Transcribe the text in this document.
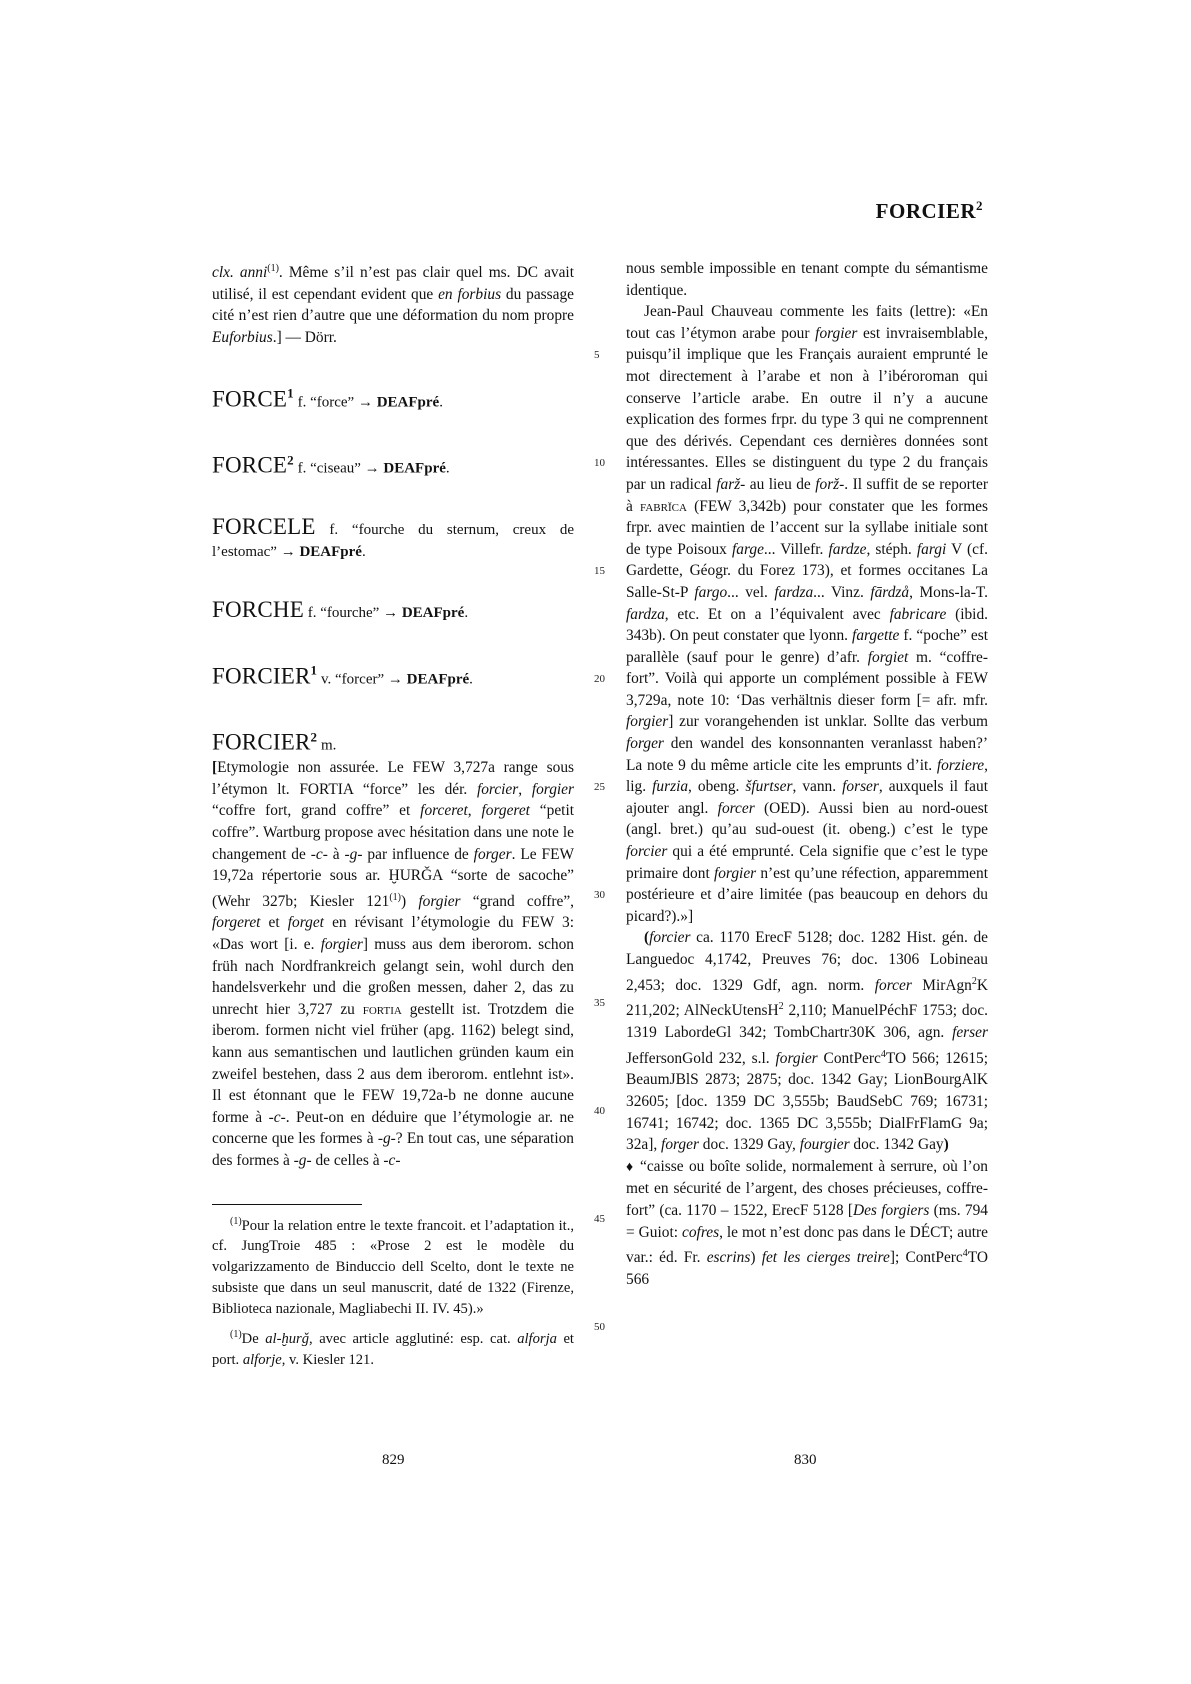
FORCIER$^2$

clx. anni$^{(1)}$. Même s’il n’est pas clair quel ms. DC avait utilisé, il est cependant evident que en forbius du passage cité n’est rien d’autre que une déformation du nom propre Euforbius.] — Dörr.

FORCE$^1$ f. “force” → DEAFpré.
FORCE$^2$ f. “ciseau” → DEAFpré.
FORCELE f. “fourche du sternum, creux de l’estomac” → DEAFpré.
FORCHE f. “fourche” → DEAFpré.
FORCIER$^1$ v. “forcer” → DEAFpré.
FORCIER$^2$ m.

[Etymologie non assurée. Le FEW 3,727a range sous l’étymon lt. FORTIA “force” les dér. forcier, forgier “coffre fort, grand coffre” et forceret, forgeret “petit coffre”. Wartburg propose avec hésitation dans une note le changement de -c- à -g- par influence de forger. Le FEW 19,72a répertorie sous ar. ḪURǦA “sorte de sacoche” (Wehr 327b; Kiesler 121$^{(1)}$) forgier “grand coffre”, forgeret et forget en révisant l’étymologie du FEW 3: «Das wort [i. e. forgier] muss aus dem iberorom. schon früh nach Nordfrankreich gelangt sein, wohl durch den handelsverkehr und die großen messen, daher 2, das zu unrecht hier 3,727 zu fortia gestellt ist. Trotzdem die iberom. formen nicht viel früher (apg. 1162) belegt sind, kann aus semantischen und lautlichen gründen kaum ein zweifel bestehen, dass 2 aus dem iberorom. entlehnt ist». Il est étonnant que le FEW 19,72a-b ne donne aucune forme à -c-. Peut-on en déduire que l’étymologie ar. ne concerne que les formes à -g-? En tout cas, une séparation des formes à -g- de celles à -c-

$^{(1)}$Pour la relation entre le texte francoit. et l’adaptation it., cf. JungTroie 485 : «Prose 2 est le modèle du volgarizzamento de Binduccio dell Scelto, dont le texte ne subsiste que dans un seul manuscrit, daté de 1322 (Firenze, Biblioteca nazionale, Magliabechi II. IV. 45).»

$^{(1)}$De al-ḫurǧ, avec article agglutiné: esp. cat. alforja et port. alforje, v. Kiesler 121.

5
10
15
20
25
30
35
40
45
50

nous semble impossible en tenant compte du sémantisme identique.

Jean-Paul Chauveau commente les faits (lettre): «En tout cas l’étymon arabe pour forgier est invraisemblable, puisqu’il implique que les Français auraient emprunté le mot directement à l’arabe et non à l’ibéroroman qui conserve l’article arabe. En outre il n’y a aucune explication des formes frpr. du type 3 qui ne comprennent que des dérivés. Cependant ces dernières données sont intéressantes. Elles se distinguent du type 2 du français par un radical farž- au lieu de forž-. Il suffit de se reporter à fabrĭca (FEW 3,342b) pour constater que les formes frpr. avec maintien de l’accent sur la syllabe initiale sont de type Poisoux farge... Villefr. fardze, stéph. fargi V (cf. Gardette, Géogr. du Forez 173), et formes occitanes La Salle-St-P fargo... vel. fardza... Vinz. fārdzå, Mons-la-T. fardza, etc. Et on a l’équivalent avec fabricare (ibid. 343b). On peut constater que lyonn. fargette f. “poche” est parallèle (sauf pour le genre) d’afr. forgiet m. “coffre-fort”. Voilà qui apporte un complément possible à FEW 3,729a, note 10: ‘Das verhältnis dieser form [= afr. mfr. forgier] zur vorangehenden ist unklar. Sollte das verbum forger den wandel des konsonnanten veranlasst haben?’ La note 9 du même article cite les emprunts d’it. forziere, lig. furzia, obeng. šfurtser, vann. forser, auxquels il faut ajouter angl. forcer (OED). Aussi bien au nord-ouest (angl. bret.) qu’au sud-ouest (it. obeng.) c’est le type forcier qui a été emprunté. Cela signifie que c’est le type primaire dont forgier n’est qu’une réfection, apparemment postérieure et d’aire limitée (pas beaucoup en dehors du picard?).»]

(forcier ca. 1170 ErecF 5128; doc. 1282 Hist. gén. de Languedoc 4,1742, Preuves 76; doc. 1306 Lobineau 2,453; doc. 1329 Gdf, agn. norm. forcer MirAgn$^2$K 211,202; AlNeckUtensH$^2$ 2,110; ManuelPéchF 1753; doc. 1319 LabordeGl 342; TombChartr30K 306, agn. ferser JeffersonGold 232, s.l. forgier ContPerc$^4$TO 566; 12615; BeaumJBlS 2873; 2875; doc. 1342 Gay; LionBourgAlK 32605; [doc. 1359 DC 3,555b; BaudSebC 769; 16731; 16741; 16742; doc. 1365 DC 3,555b; DialFrFlamG 9a; 32a], forger doc. 1329 Gay, fourgier doc. 1342 Gay)

♦ “caisse ou boîte solide, normalement à serrure, où l’on met en sécurité de l’argent, des choses précieuses, coffre-fort” (ca. 1170 – 1522, ErecF 5128 [Des forgiers (ms. 794 = Guiot: cofres, le mot n’est donc pas dans le DÉCT; autre var.: éd. Fr. escrins) fet les cierges treire]; ContPerc$^4$TO 566

829	830
